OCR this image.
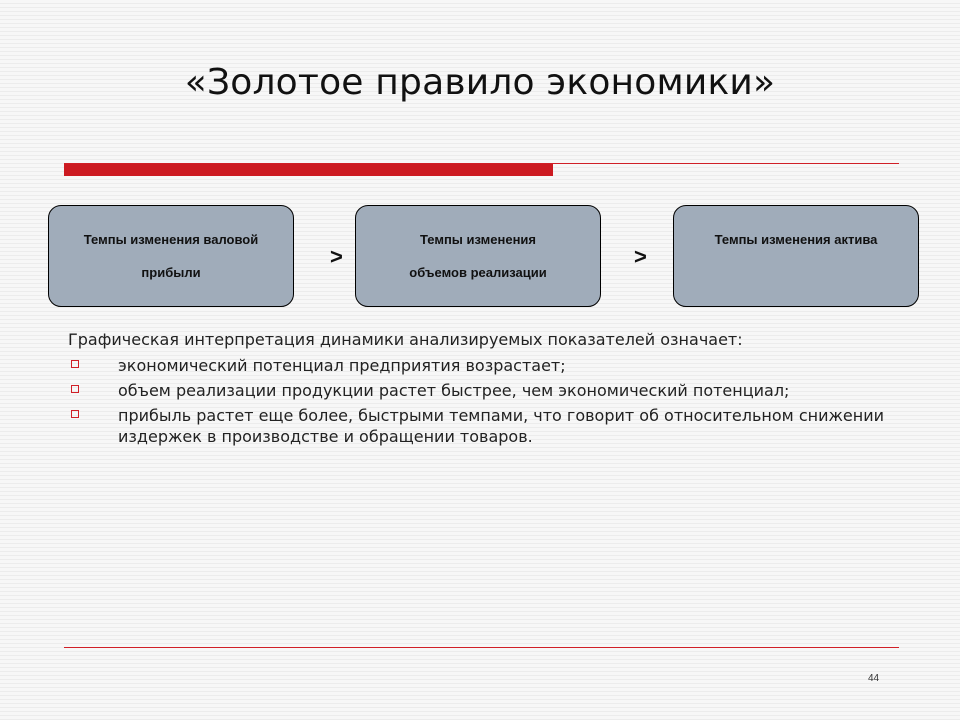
«Золотое правило экономики»
Темпы изменения валовой
прибыли
>
Темпы изменения
объемов реализации
>
Темпы изменения актива
Графическая интерпретация динамики анализируемых показателей означает:
экономический потенциал предприятия возрастает;
объем реализации продукции растет быстрее, чем экономический потенциал;
прибыль растет еще более, быстрыми темпами, что говорит об относительном снижении издержек в производстве и обращении товаров.
44
